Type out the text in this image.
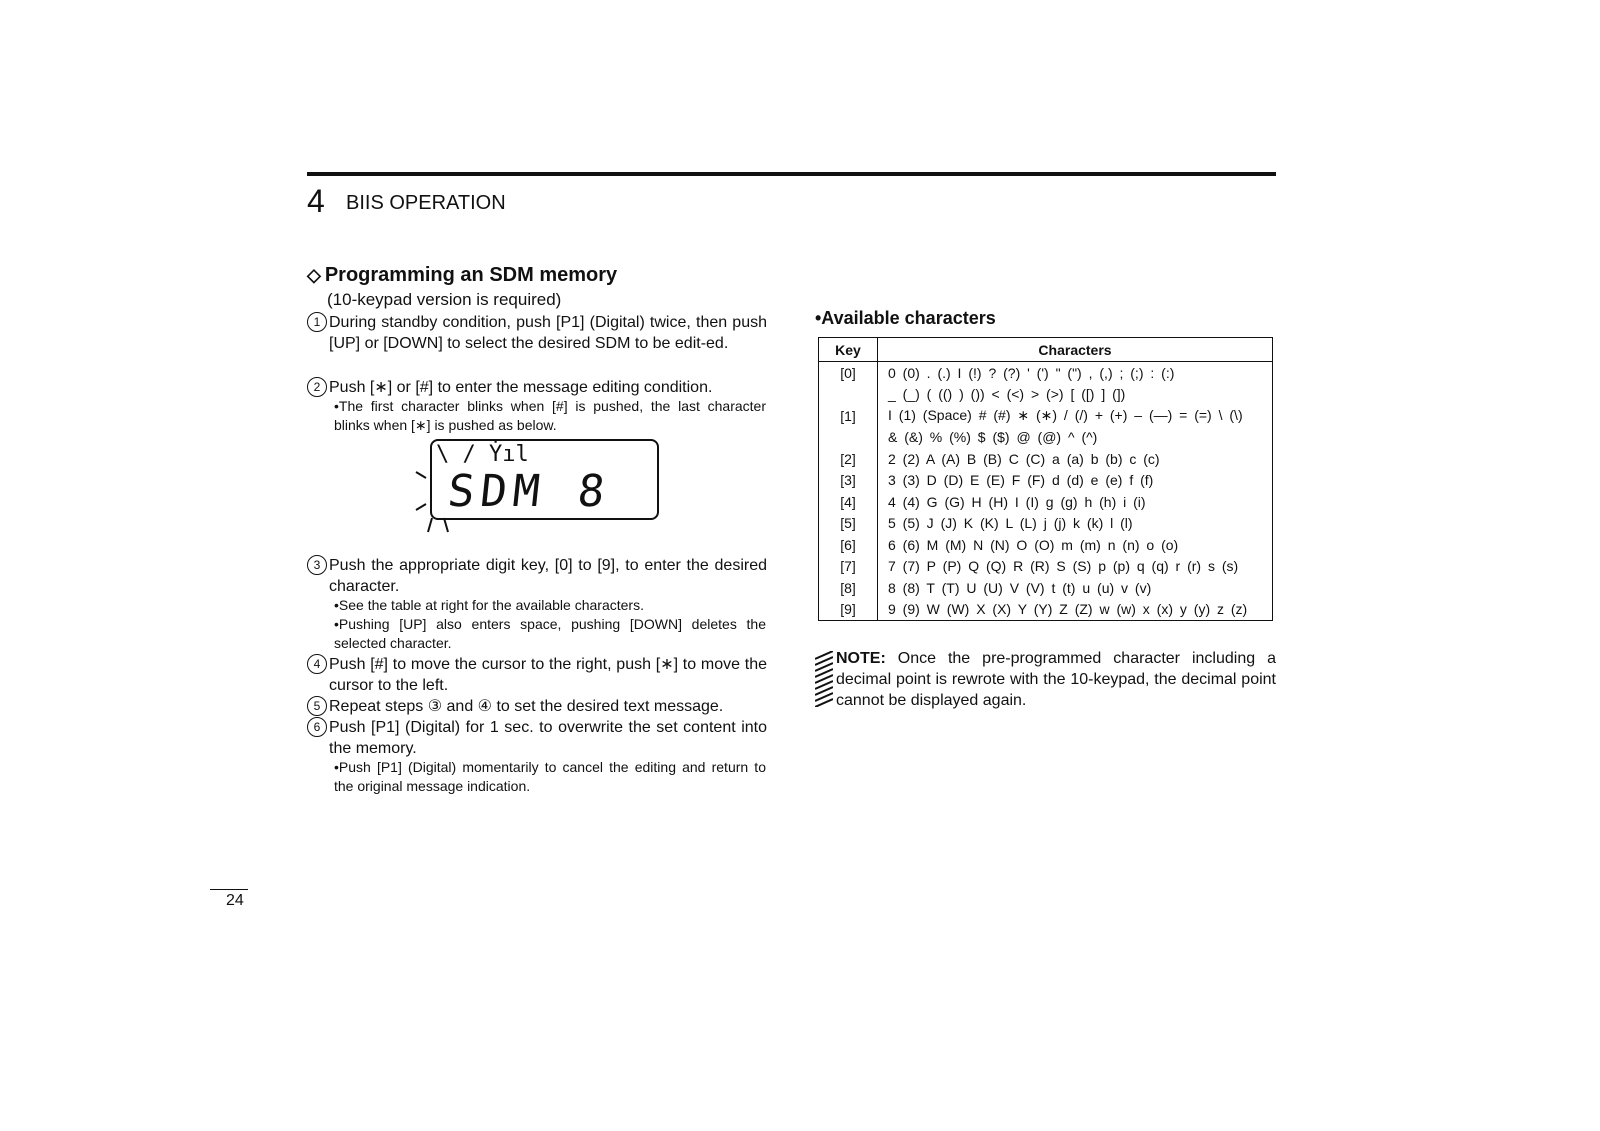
4 BIIS OPERATION
◇ Programming an SDM memory
(10-keypad version is required)
1 During standby condition, push [P1] (Digital) twice, then push [UP] or [DOWN] to select the desired SDM to be edit-ed.
2 Push [∗] or [#] to enter the message editing condition.
•The first character blinks when [#] is pushed, the last character blinks when [∗] is pushed as below.
\ / Ẏıl
SDM 8
3 Push the appropriate digit key, [0] to [9], to enter the desired character.
•See the table at right for the available characters.
•Pushing [UP] also enters space, pushing [DOWN] deletes the selected character.
4 Push [#] to move the cursor to the right, push [∗] to move the cursor to the left.
5 Repeat steps ③ and ④ to set the desired text message.
6 Push [P1] (Digital) for 1 sec. to overwrite the set content into the memory.
•Push [P1] (Digital) momentarily to cancel the editing and return to the original message indication.
•Available characters
Key	Characters
[0]	0 (0) . (.) I (!) ? (?) ' (') " (") , (,) ; (;) : (:)
	_ (_) ( (() ) ()) < (<) > (>) [ ([) ] (])
[1]	I (1) (Space) # (#) ∗ (∗) / (/) + (+) – (—) = (=) \ (\)
	& (&) % (%) $ ($) @ (@) ^ (^)
[2]	2 (2) A (A) B (B) C (C) a (a) b (b) c (c)
[3]	3 (3) D (D) E (E) F (F) d (d) e (e) f (f)
[4]	4 (4) G (G) H (H) I (I) g (g) h (h) i (i)
[5]	5 (5) J (J) K (K) L (L) j (j) k (k) l (l)
[6]	6 (6) M (M) N (N) O (O) m (m) n (n) o (o)
[7]	7 (7) P (P) Q (Q) R (R) S (S) p (p) q (q) r (r) s (s)
[8]	8 (8) T (T) U (U) V (V) t (t) u (u) v (v)
[9]	9 (9) W (W) X (X) Y (Y) Z (Z) w (w) x (x) y (y) z (z)
NOTE: Once the pre-programmed character including a decimal point is rewrote with the 10-keypad, the decimal point cannot be displayed again.
24
